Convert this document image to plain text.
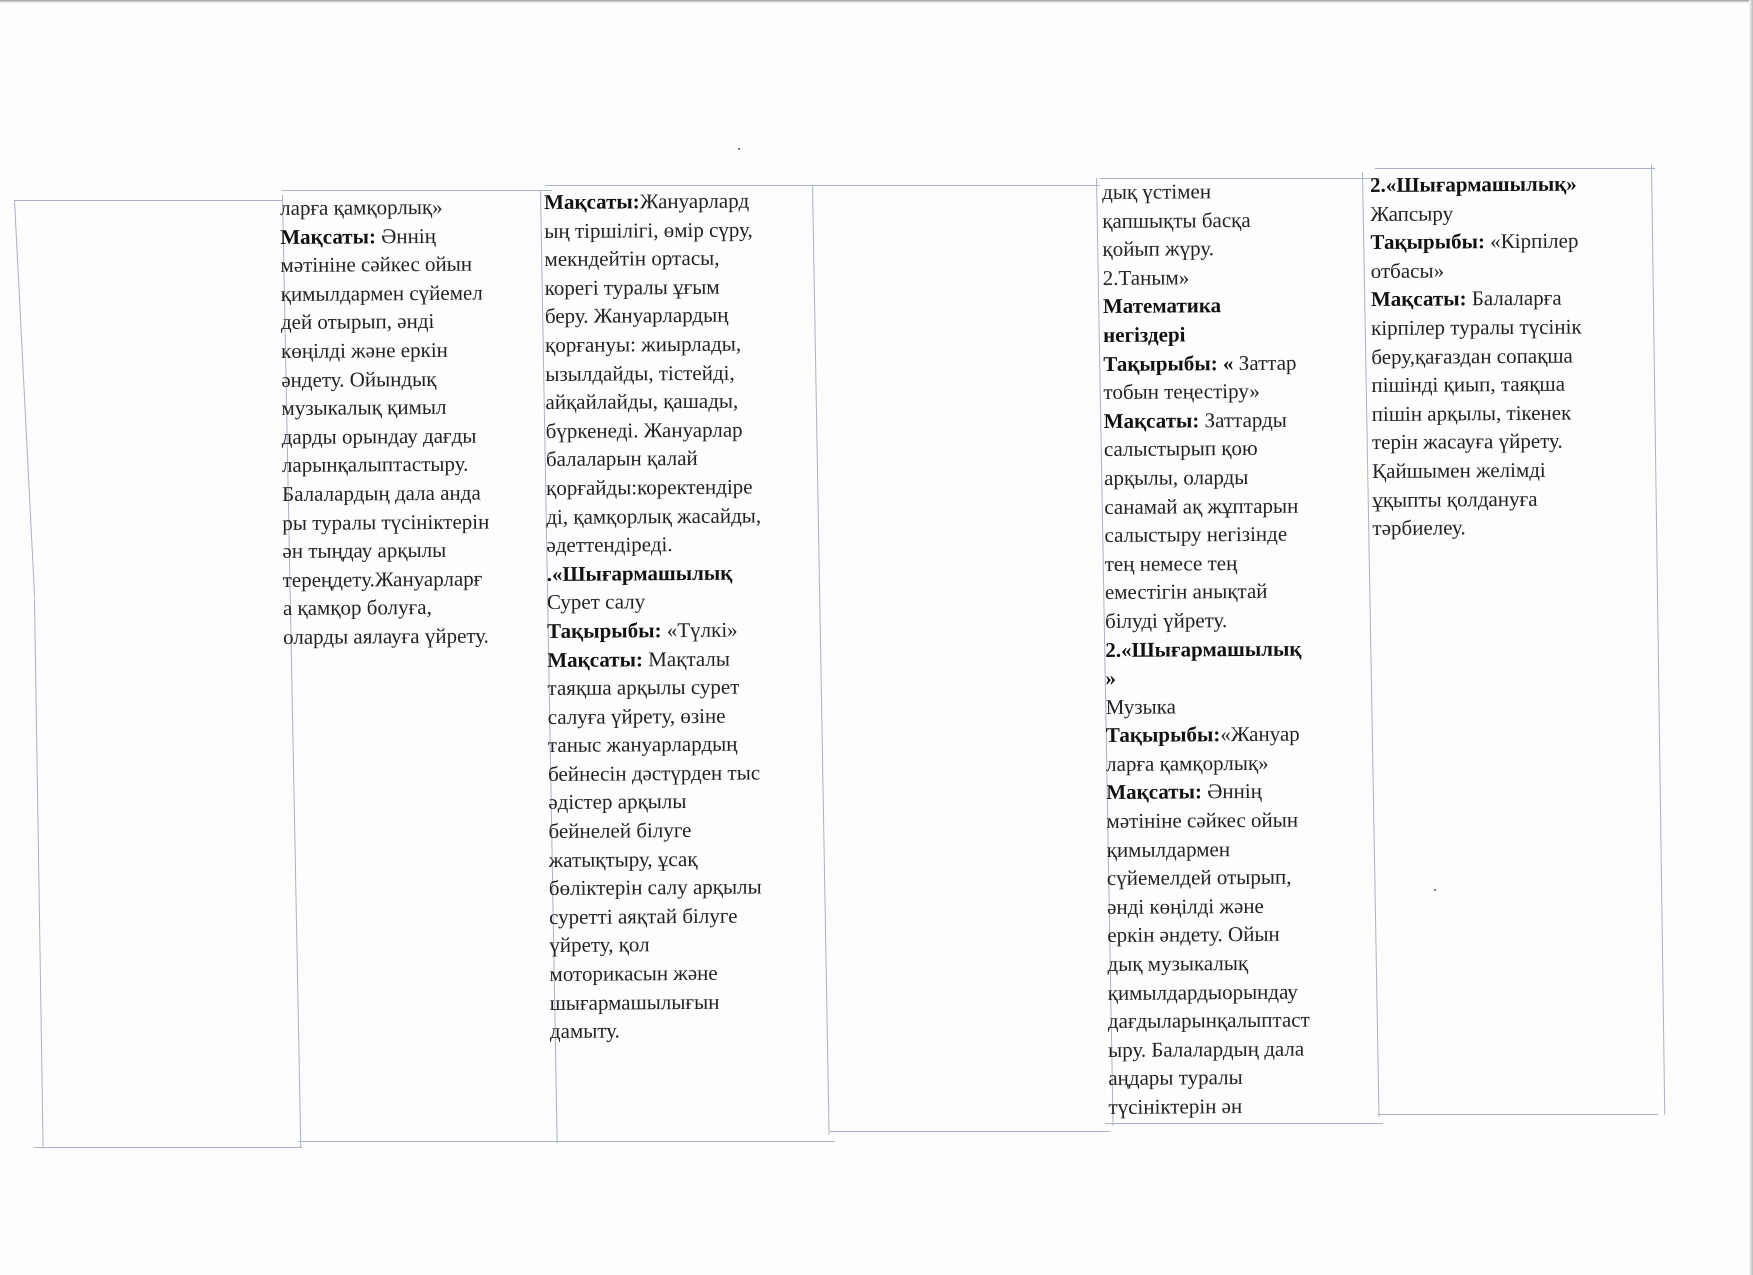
ларға қамқорлық»
Мақсаты: Әннің
мәтініне сәйкес ойын
қимылдармен сүйемел
дей отырып, әнді
көңілді және еркін
әндету. Ойындық
музыкалық қимыл
дарды орындау дағды
ларынқалыптастыру.
Балалардың дала анда
ры туралы түсініктерін
ән тыңдау арқылы
тереңдету.Жануарларғ
а қамқор болуға,
оларды аялауға үйрету.
Мақсаты:Жануарлард
ың тіршілігі, өмір сүру,
мекндейтін ортасы,
корегі туралы ұғым
беру. Жануарлардың
қорғануы: жиырлады,
ызылдайды, тістейді,
айқайлайды, қашады,
бүркенеді. Жануарлар
балаларын қалай
қорғайды:коректендіре
ді, қамқорлық жасайды,
әдеттендіреді.
.«Шығармашылық
Сурет салу
Тақырыбы: «Түлкі»
Мақсаты: Мақталы
таяқша арқылы сурет
салуға үйрету, өзіне
таныс жануарлардың
бейнесін дәстүрден тыс
әдістер арқылы
бейнелей білуге
жатықтыру, ұсақ
бөліктерін салу арқылы
суретті аяқтай білуге
үйрету, қол
моторикасын және
шығармашылығын
дамыту.
дық үстімен
қапшықты басқа
қойып жүру.
2.Таным»
Математика
негіздері
Тақырыбы: « Заттар
тобын теңестіру»
Мақсаты: Заттарды
салыстырып қою
арқылы, оларды
санамай ақ жұптарын
салыстыру негізінде
тең немесе тең
еместігін анықтай
білуді үйрету.
2.«Шығармашылық
»
Музыка
Тақырыбы:«Жануар
ларға қамқорлық»
Мақсаты: Әннің
мәтініне сәйкес ойын
қимылдармен
сүйемелдей отырып,
әнді көңілді және
еркін әндету. Ойын
дық музыкалық
қимылдардыорындау
дағдыларынқалыптаст
ыру. Балалардың дала
аңдары туралы
түсініктерін ән
2.«Шығармашылық»
Жапсыру
Тақырыбы: «Кірпілер
отбасы»
Мақсаты: Балаларға
кірпілер туралы түсінік
беру,қағаздан сопақша
пішінді қиып, таяқша
пішін арқылы, тікенек
терін жасауға үйрету.
Қайшымен желімді
ұқыпты қолдануға
тәрбиелеу.
